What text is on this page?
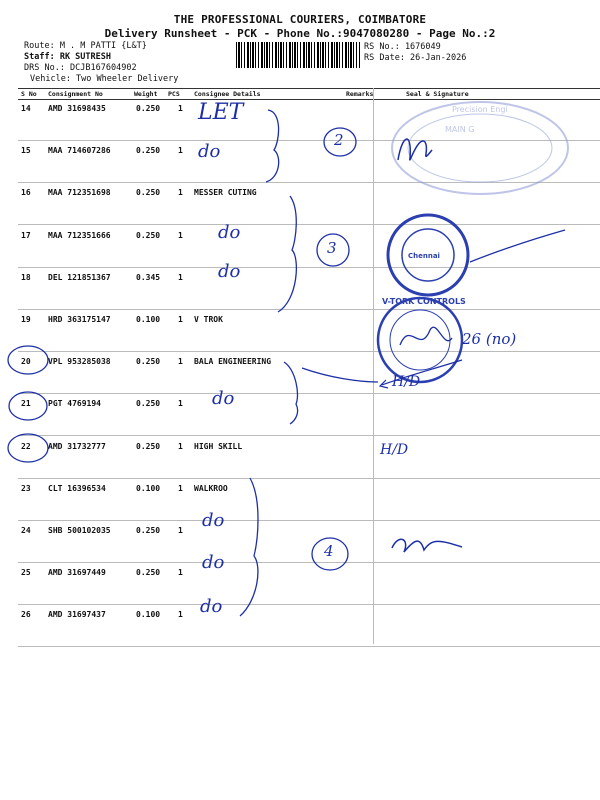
THE PROFESSIONAL COURIERS, COIMBATORE
Delivery Runsheet - PCK - Phone No.:9047080280 - Page No.:2
Route: M . M PATTI {L&T}
Staff: RK SUTRESH
DRS No.: DCJB167604902
Vehicle: Two Wheeler Delivery
RS No.: 1676049
RS Date: 26-Jan-2026
S No Consignment No	Weight PCS Consignee Details	Remarks	Seal & Signature
14 AMD 31698435	0.250 1
15 MAA 714607286	0.250 1
16 MAA 712351698	0.250 1 MESSER CUTING
17 MAA 712351666	0.250 1
18 DEL 121851367	0.345 1
19 HRD 363175147	0.100 1 V TROK
20 VPL 953285038	0.250 1 BALA ENGINEERING
21 PGT 4769194	0.250 1
22 AMD 31732777	0.250 1 HIGH SKILL
23 CLT 16396534	0.100 1 WALKROO
24 SHB 500102035	0.250 1
25 AMD 31697449	0.250 1
26 AMD 31697437	0.100 1
Precision Engi
MAIN G
Chennai
V-TORK CONTROLS
LET
do
do
do
do
do
do
do
2
3
4
26 (no)
H/D
H/D
